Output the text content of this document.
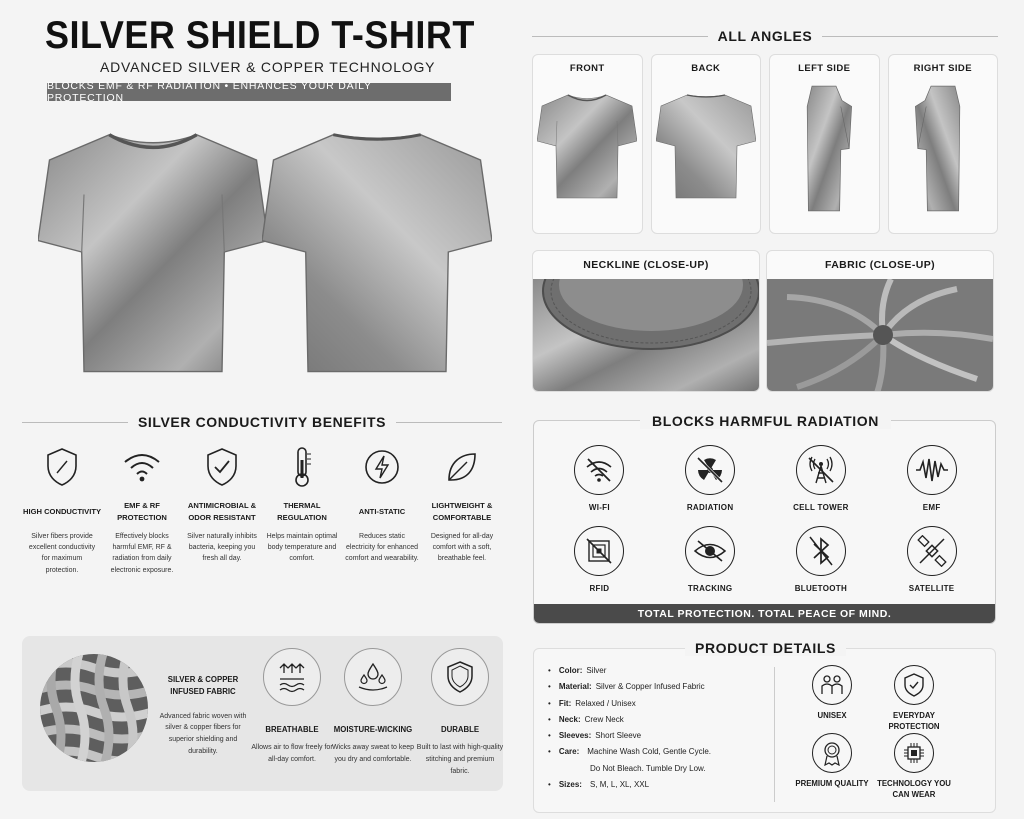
SILVER SHIELD T-SHIRT
ADVANCED SILVER & COPPER TECHNOLOGY
BLOCKS EMF & RF RADIATION • ENHANCES YOUR DAILY PROTECTION
ALL ANGLES
FRONT	BACK	LEFT SIDE	RIGHT SIDE
NECKLINE (CLOSE-UP)	FABRIC (CLOSE-UP)
SILVER CONDUCTIVITY BENEFITS
HIGH CONDUCTIVITY
Silver fibers provide excellent conductivity for maximum protection.
EMF & RF PROTECTION
Effectively blocks harmful EMF, RF & radiation from daily electronic exposure.
ANTIMICROBIAL & ODOR RESISTANT
Silver naturally inhibits bacteria, keeping you fresh all day.
THERMAL REGULATION
Helps maintain optimal body temperature and comfort.
ANTI-STATIC
Reduces static electricity for enhanced comfort and wearability.
LIGHTWEIGHT & COMFORTABLE
Designed for all-day comfort with a soft, breathable feel.
SILVER & COPPER INFUSED FABRIC
Advanced fabric woven with silver & copper fibers for superior shielding and durability.
BREATHABLE
Allows air to flow freely for all-day comfort.
MOISTURE-WICKING
Wicks away sweat to keep you dry and comfortable.
DURABLE
Built to last with high-quality stitching and premium fabric.
BLOCKS HARMFUL RADIATION
WI-FI	RADIATION	CELL TOWER	EMF
RFID	TRACKING	BLUETOOTH	SATELLITE
TOTAL PROTECTION. TOTAL PEACE OF MIND.
PRODUCT DETAILS
• Color: Silver
• Material: Silver & Copper Infused Fabric
• Fit: Relaxed / Unisex
• Neck: Crew Neck
• Sleeves: Short Sleeve
• Care: Machine Wash Cold, Gentle Cycle.
Do Not Bleach. Tumble Dry Low.
• Sizes: S, M, L, XL, XXL
UNISEX	EVERYDAY PROTECTION
PREMIUM QUALITY	TECHNOLOGY YOU CAN WEAR
